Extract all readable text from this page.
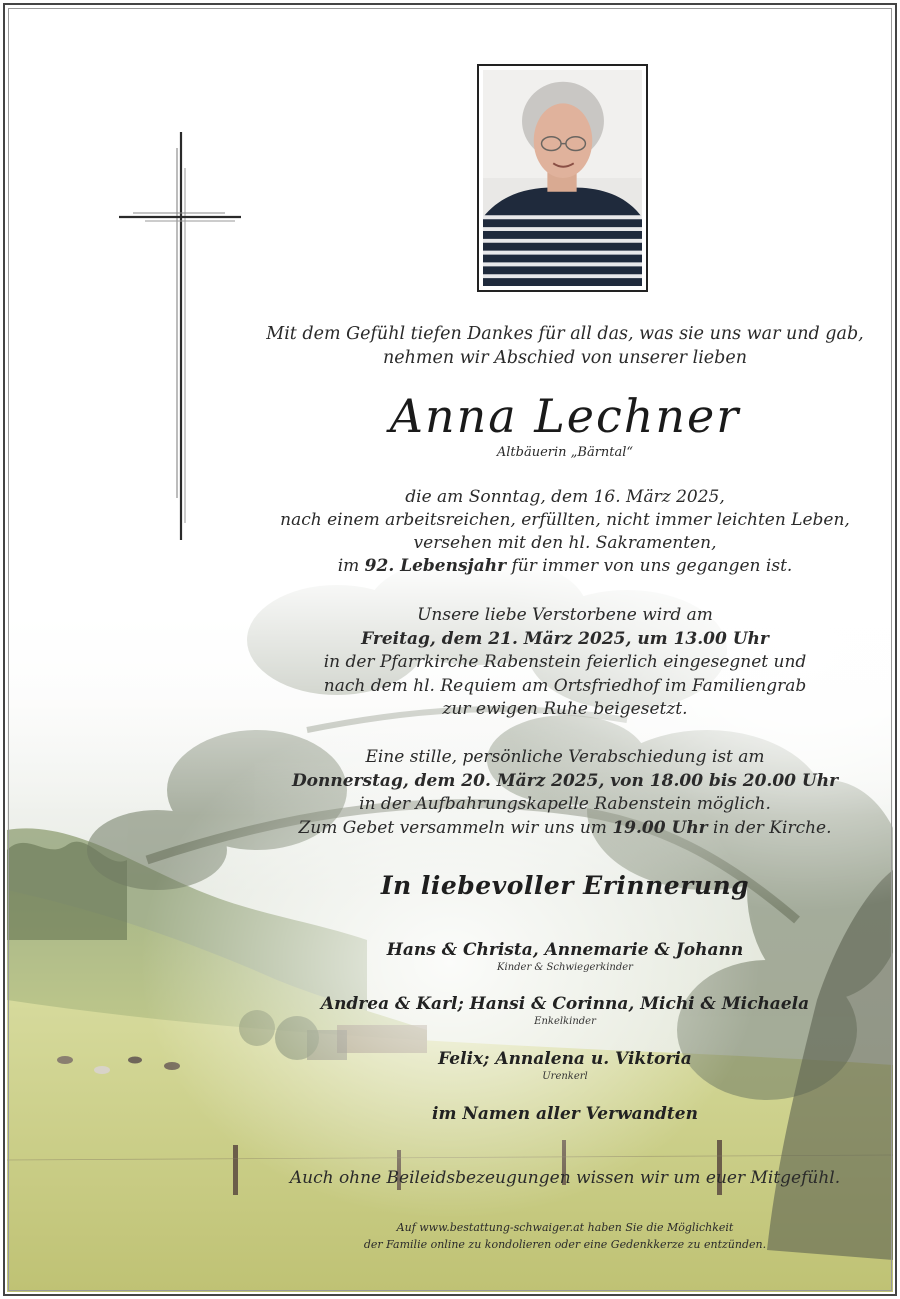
Mit dem Gefühl tiefen Dankes für all das, was sie uns war und gab,
nehmen wir Abschied von unserer lieben
Anna Lechner
Altbäuerin „Bärntal“
die am Sonntag, dem 16. März 2025,
nach einem arbeitsreichen, erfüllten, nicht immer leichten Leben,
versehen mit den hl. Sakramenten,
im 92. Lebensjahr für immer von uns gegangen ist.
Unsere liebe Verstorbene wird am
Freitag, dem 21. März 2025, um 13.00 Uhr
in der Pfarrkirche Rabenstein feierlich eingesegnet und
nach dem hl. Requiem am Ortsfriedhof im Familiengrab
zur ewigen Ruhe beigesetzt.
Eine stille, persönliche Verabschiedung ist am
Donnerstag, dem 20. März 2025, von 18.00 bis 20.00 Uhr
in der Aufbahrungskapelle Rabenstein möglich.
Zum Gebet versammeln wir uns um 19.00 Uhr in der Kirche.
In liebevoller Erinnerung
Hans & Christa, Annemarie & Johann
Kinder & Schwiegerkinder
Andrea & Karl; Hansi & Corinna, Michi & Michaela
Enkelkinder
Felix; Annalena u. Viktoria
Urenkerl
im Namen aller Verwandten
Auch ohne Beileidsbezeugungen wissen wir um euer Mitgefühl.
Auf www.bestattung-schwaiger.at haben Sie die Möglichkeit
der Familie online zu kondolieren oder eine Gedenkkerze zu entzünden.
